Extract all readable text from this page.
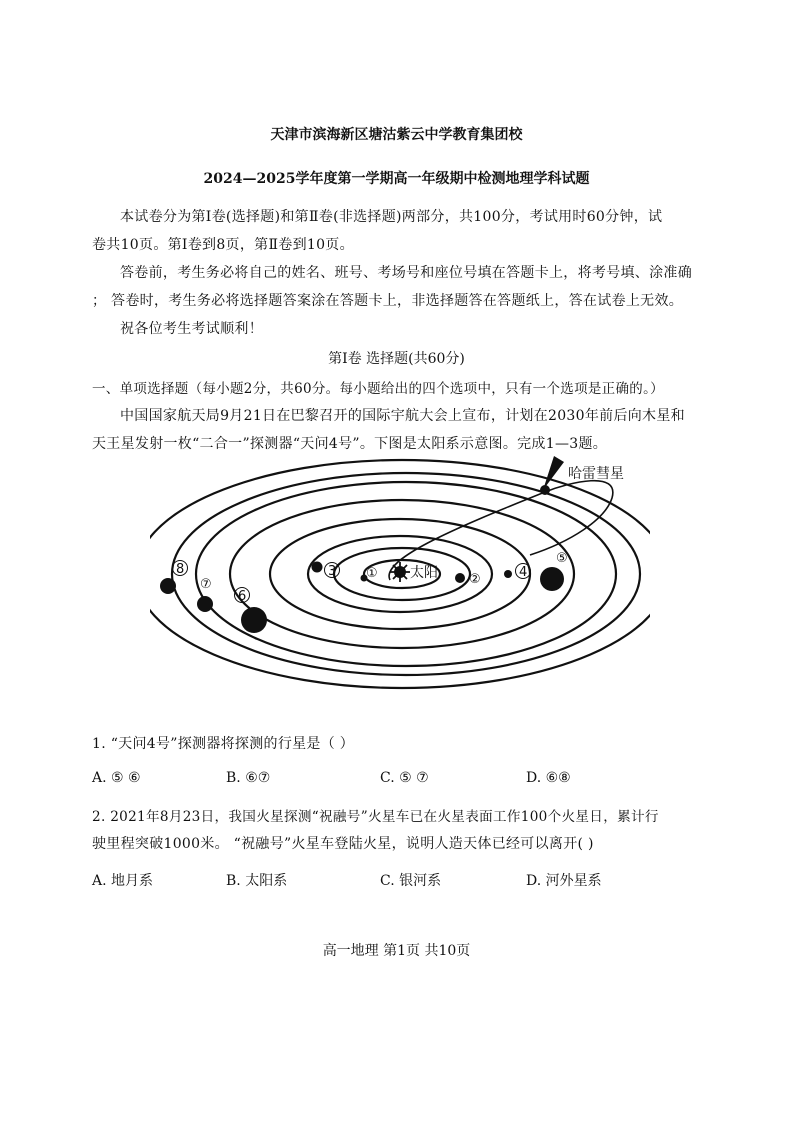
天津市滨海新区塘沽紫云中学教育集团校
2024—2025学年度第一学期高一年级期中检测地理学科试题
本试卷分为第Ⅰ卷(选择题)和第Ⅱ卷(非选择题)两部分，共100分，考试用时60分钟，试
卷共10页。第Ⅰ卷到8页，第Ⅱ卷到10页。
答卷前，考生务必将自己的姓名、班号、考场号和座位号填在答题卡上，将考号填、涂准确
； 答卷时，考生务必将选择题答案涂在答题卡上，非选择题答在答题纸上，答在试卷上无效。
祝各位考生考试顺利！
第Ⅰ卷 选择题(共60分)
一、单项选择题（每小题2分，共60分。每小题给出的四个选项中，只有一个选项是正确的。）
中国国家航天局9月21日在巴黎召开的国际宇航大会上宣布，计划在2030年前后向木星和
天王星发射一枚“二合一”探测器“天问4号”。下图是太阳系示意图。完成1—3题。
哈雷彗星
太阳
①	②
3	4
⑤
6
⑦
8
1. “天问4号”探测器将探测的行星是（ ）
A. ⑤ ⑥	B. ⑥⑦	C. ⑤ ⑦	D. ⑥⑧
2. 2021年8月23日，我国火星探测“祝融号”火星车已在火星表面工作100个火星日，累计行
驶里程突破1000米。 “祝融号”火星车登陆火星，说明人造天体已经可以离开( )
A. 地月系	B. 太阳系	C. 银河系	D. 河外星系
高一地理 第1页 共10页
